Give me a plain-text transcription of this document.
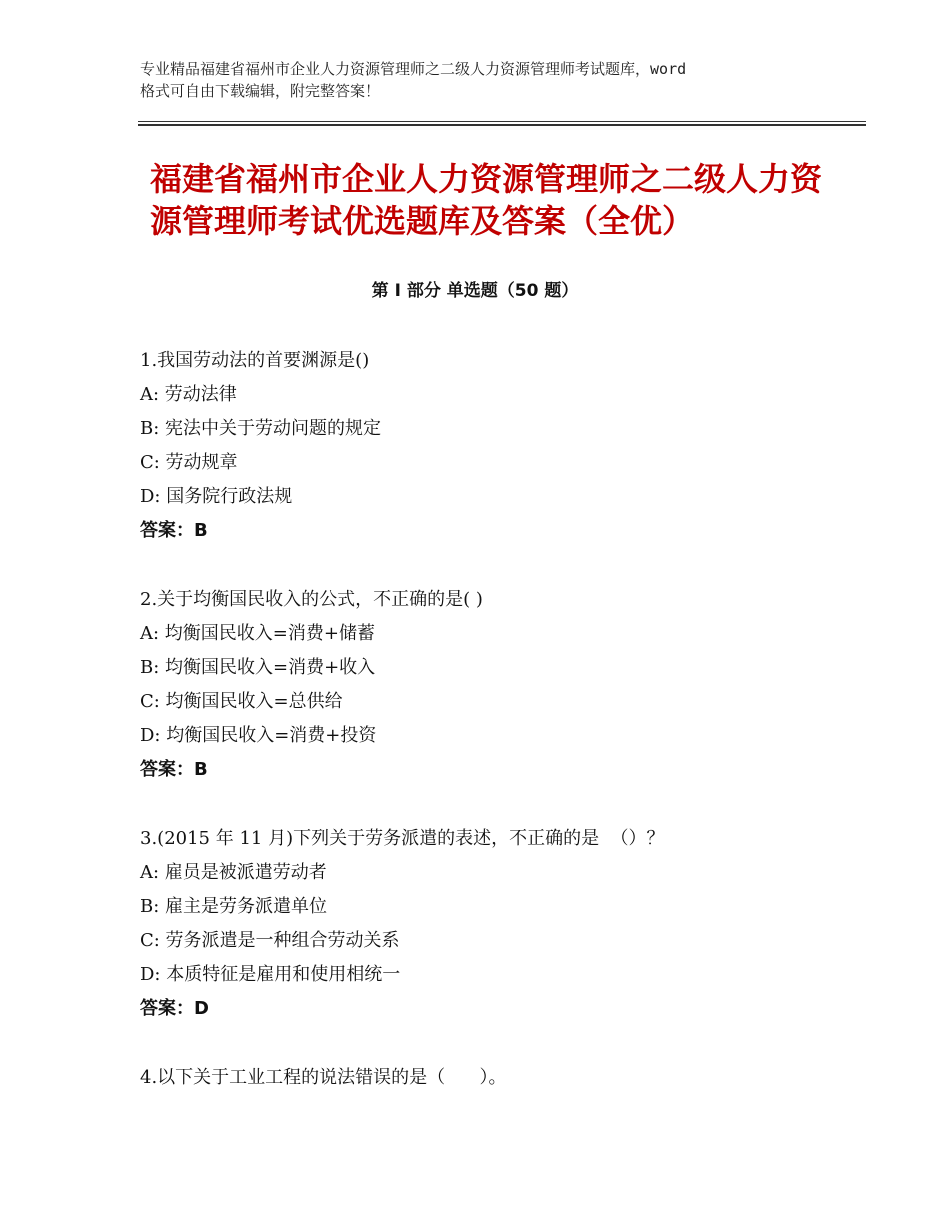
专业精品福建省福州市企业人力资源管理师之二级人力资源管理师考试题库，word
格式可自由下载编辑，附完整答案！
福建省福州市企业人力资源管理师之二级人力资源管理师考试优选题库及答案（全优）
第 I 部分 单选题（50 题）
1.我国劳动法的首要渊源是()
A: 劳动法律
B: 宪法中关于劳动问题的规定
C: 劳动规章
D: 国务院行政法规
答案：B
2.关于均衡国民收入的公式，不正确的是( )
A: 均衡国民收入=消费+储蓄
B: 均衡国民收入=消费+收入
C: 均衡国民收入=总供给
D: 均衡国民收入=消费+投资
答案：B
3.(2015 年 11 月)下列关于劳务派遣的表述，不正确的是  （）？
A: 雇员是被派遣劳动者
B: 雇主是劳务派遣单位
C: 劳务派遣是一种组合劳动关系
D: 本质特征是雇用和使用相统一
答案：D
4.以下关于工业工程的说法错误的是（      ）。
